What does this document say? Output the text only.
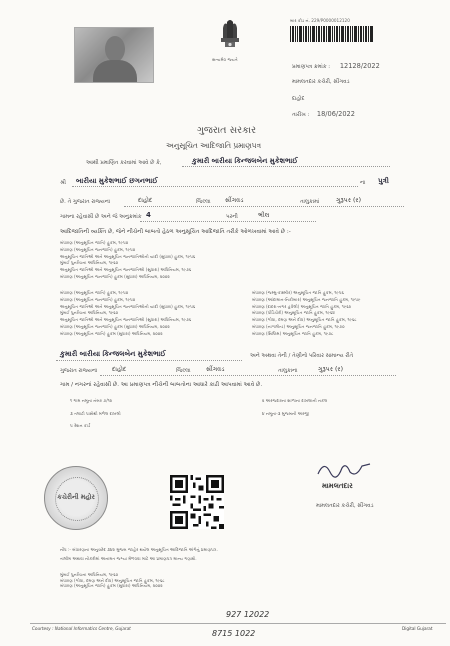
સત્યમેવ જયતે
બાર કોડ નં. 229/P0000012120
પ્રમાણપત્ર ક્રમાંક : 12128/2022
મામલતદાર કચેરી, સીંગવડ
દાહોદ
તારીખ : 18/06/2022
ગુજરાત સરકાર
અનુસૂચિત આદિજાતિ પ્રમાણપત્ર
આથી પ્રમાણિત કરવામાં આવે છે કે,	કુમારી બારીયા કિન્જલબેન મુકેશભાઈ
શ્રી બારીયા મુકેશભાઈ છગનભાઈ	ના પુત્રી
છે. તે ગુજરાત રાજ્યના	દાહોદ	જિલ્લા સીંગવડ	તાલુકામાં	ગુરૂપર (ર)
ગામના રહેવાસી છે અને જે અનુક્રમાંક 4	પરની	ભીલ
આદિજાતિની વ્યક્તિ છે, જેને નીચેની બાબતો હેઠળ અનુસૂચિત આદિજાતિ તરીકે ઓળખવામાં આવે છે :-
બંધારણ (અનુસૂચિત જાતિ) હુકમ, ૧૯૫૦
બંધારણ (અનુસૂચિત જનજાતિ) હુકમ, ૧૯૫૦
અનુસૂચિત જાતિઓ અને અનુસૂચિત જનજાતિઓની યાદી (સુધારા) હુકમ, ૧૯૫૬
મુંબઈ પુનર્રચના અધિનિયમ, ૧૯૬૦
અનુસૂચિત જાતિઓ અને અનુસૂચિત જનજાતિઓ (સુધારા) અધિનિયમ, ૧૯૭૬
બંધારણ (અનુસૂચિત જનજાતિ) હુકમ (સુધારા) અધિનિયમ, ૨૦૦૨
બંધારણ (અનુસૂચિત જાતિ) હુકમ, ૧૯૫૦
બંધારણ (અનુસૂચિત જનજાતિ) હુકમ, ૧૯૫૦
અનુસૂચિત જાતિઓ અને અનુસૂચિત જનજાતિઓની યાદી (સુધારા) હુકમ, ૧૯૫૬
મુંબઈ પુનર્રચના અધિનિયમ, ૧૯૬૦
અનુસૂચિત જાતિઓ અને અનુસૂચિત જનજાતિઓ (સુધારા) અધિનિયમ, ૧૯૭૬
બંધારણ (અનુસૂચિત જનજાતિ) હુકમ (સુધારા) અધિનિયમ, ૨૦૦૨
બંધારણ (અનુસૂચિત જાતિ) હુકમ (સુધારા) અધિનિયમ, ૨૦૦૨
બંધારણ (જમ્મુ-કાશ્મીર) અનુસૂચિત જાતિ હુકમ, ૧૯૫૬
બંધારણ (આંદામાન-નિકોબાર) અનુસૂચિત જનજાતિ હુકમ, ૧૯૫૯
બંધારણ (દાદરા-નગર હવેલી) અનુસૂચિત જાતિ હુકમ, ૧૯૬૨
બંધારણ (પોંડિચેરી) અનુસૂચિત જાતિ હુકમ, ૧૯૬૪
બંધારણ (ગોવા, દમણ અને દીવ) અનુસૂચિત જાતિ હુકમ, ૧૯૬૮
બંધારણ (નાગાલેન્ડ) અનુસૂચિત જનજાતિ હુકમ, ૧૯૭૦
બંધારણ (સિક્કિમ) અનુસૂચિત જાતિ હુકમ, ૧૯૭૮
કુમારી બારીયા કિન્જલબેન મુકેશભાઈ	અને અથવા તેની / તેણીનો પરિવાર સામાન્ય રીતે
ગુજરાત રાજ્યના દાહોદ	જિલ્લા સીંગવડ	તાલુકાના	ગુરૂપર (ર)
ગામ / નગરનાં રહેવાસી છે. આ પ્રમાણપત્ર નીચેની બાબતોના આધારે કાઢી આપવામાં આવે છે.
૧ ગામ નમૂના નંબર ૭/૧૨
૩ તલાટી પાસેથી મળેલ દાખલો
૫ રેશન કાર્ડ
૨ અરજદારના શાળાના દાખલાની નકલ
૪ નમૂના-૩ મુજબની અરજી
કચેરીની મહોર
મામલતદાર
મામલતદાર કચેરી, સીંગવડ
નોંધ :- બંધારણના અનુચ્છેદ ૩૪૨ મુજબ જાહેર થયેલ અનુસૂચિત આદિજાતિ અંગેનું પ્રમાણપત્ર.
તાલીમ અથવા નોકરીમાં અનામત જગ્યા મેળવવા માટે આ પ્રમાણપત્ર માન્ય ગણાશે.
મુંબઈ પુનર્રચના અધિનિયમ, ૧૯૬૦
બંધારણ (ગોવા, દમણ અને દીવ) અનુસૂચિત જાતિ હુકમ, ૧૯૬૮
બંધારણ (અનુસૂચિત જાતિ) હુકમ (સુધારા) અધિનિયમ, ૨૦૦૨
927 12022
8715 1022
Courtesy : National Informatics Centre, Gujarat	Digital Gujarat
